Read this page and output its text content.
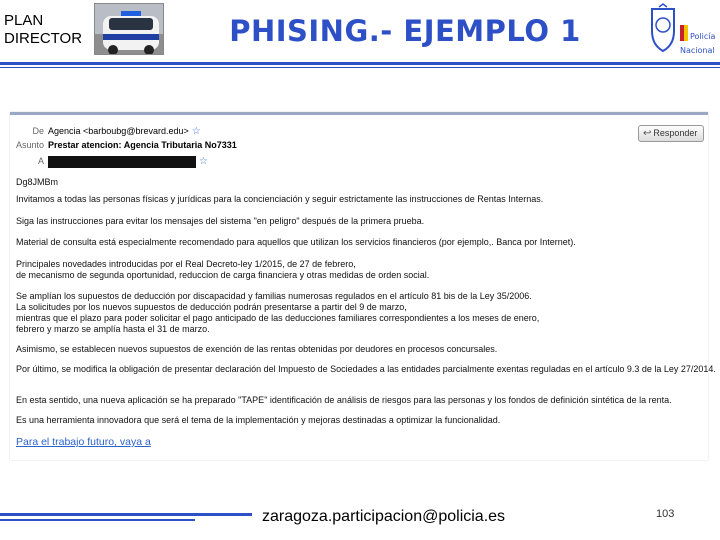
PLAN
DIRECTOR	PHISING.- EJEMPLO 1	Policía
Nacional
De Agencia <barboubg@brevard.edu> ☆
Asunto Prestar atencion: Agencia Tributaria No7331
A	☆
↩ Responder

Dg8JMBm

Invitamos a todas las personas físicas y jurídicas para la concienciación y seguir estrictamente las instrucciones de Rentas Internas.

Siga las instrucciones para evitar los mensajes del sistema "en peligro" después de la primera prueba.

Material de consulta está especialmente recomendado para aquellos que utilizan los servicios financieros (por ejemplo,. Banca por Internet).

Principales novedades introducidas por el Real Decreto-ley 1/2015, de 27 de febrero,

de mecanismo de segunda oportunidad, reduccion de carga financiera y otras medidas de orden social.

Se amplían los supuestos de deducción por discapacidad y familias numerosas regulados en el artículo 81 bis de la Ley 35/2006.

La solicitudes por los nuevos supuestos de deducción podrán presentarse a partir del 9 de marzo,

mientras que el plazo para poder solicitar el pago anticipado de las deducciones familiares correspondientes a los meses de enero,

febrero y marzo se amplía hasta el 31 de marzo.

Asimismo, se establecen nuevos supuestos de exención de las rentas obtenidas por deudores en procesos concursales.

Por último, se modifica la obligación de presentar declaración del Impuesto de Sociedades a las entidades parcialmente exentas reguladas en el artículo 9.3 de la Ley 27/2014.

En esta sentido, una nueva aplicación se ha preparado "TAPE" identificación de análisis de riesgos para las personas y los fondos de definición sintética de la renta.

Es una herramienta innovadora que será el tema de la implementación y mejoras destinadas a optimizar la funcionalidad.

Para el trabajo futuro, vaya a

zaragoza.participacion@policia.es	103
